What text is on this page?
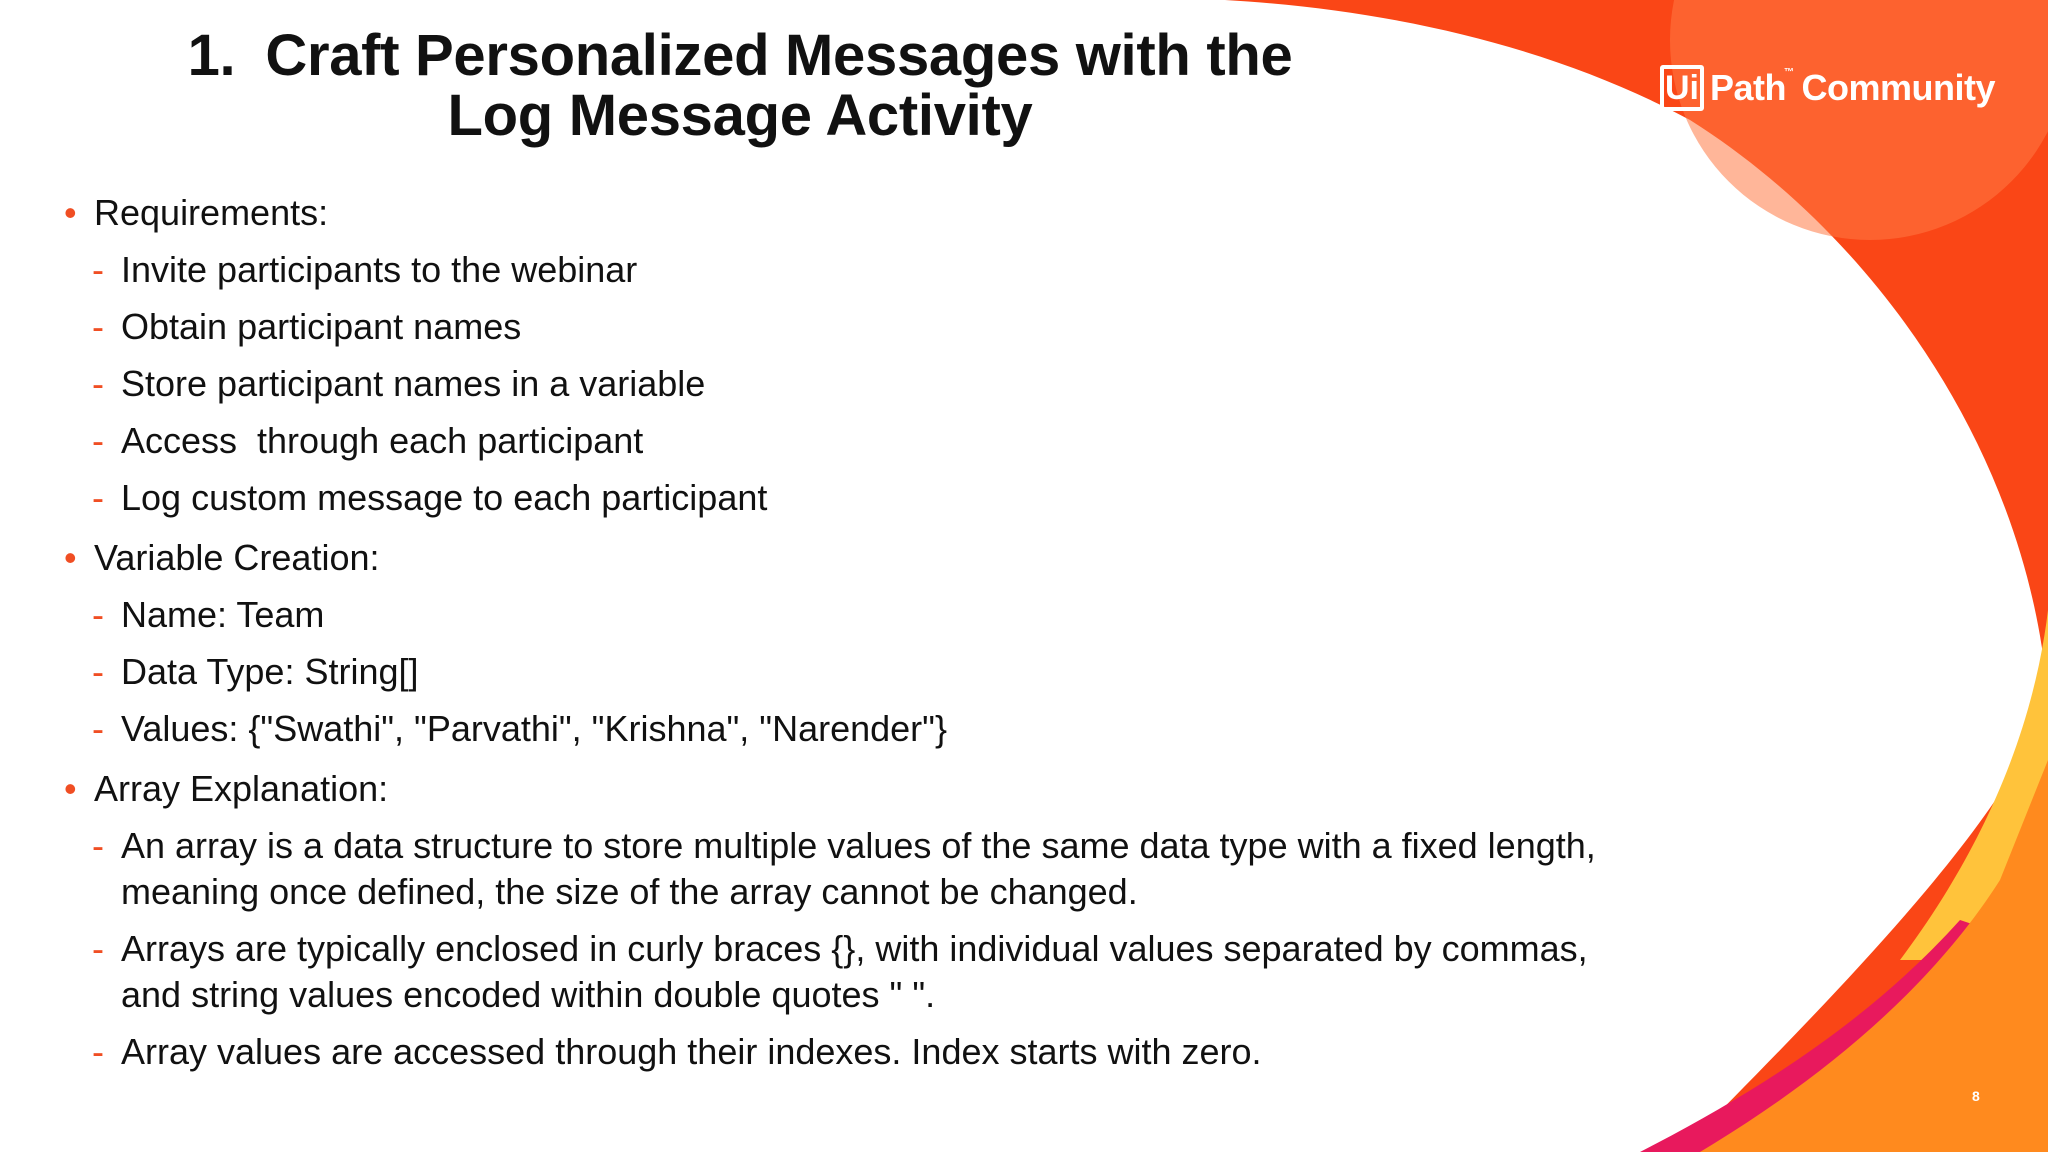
1. Craft Personalized Messages with the
Log Message Activity	Ui Path™ Community
• Requirements:
- Invite participants to the webinar
- Obtain participant names
- Store participant names in a variable
- Access  through each participant
- Log custom message to each participant
• Variable Creation:
- Name: Team
- Data Type: String[]
- Values: {"Swathi", "Parvathi", "Krishna", "Narender"}
• Array Explanation:
- An array is a data structure to store multiple values of the same data type with a fixed length, meaning once defined, the size of the array cannot be changed.
- Arrays are typically enclosed in curly braces {}, with individual values separated by commas, and string values encoded within double quotes " ".
- Array values are accessed through their indexes. Index starts with zero.
8
